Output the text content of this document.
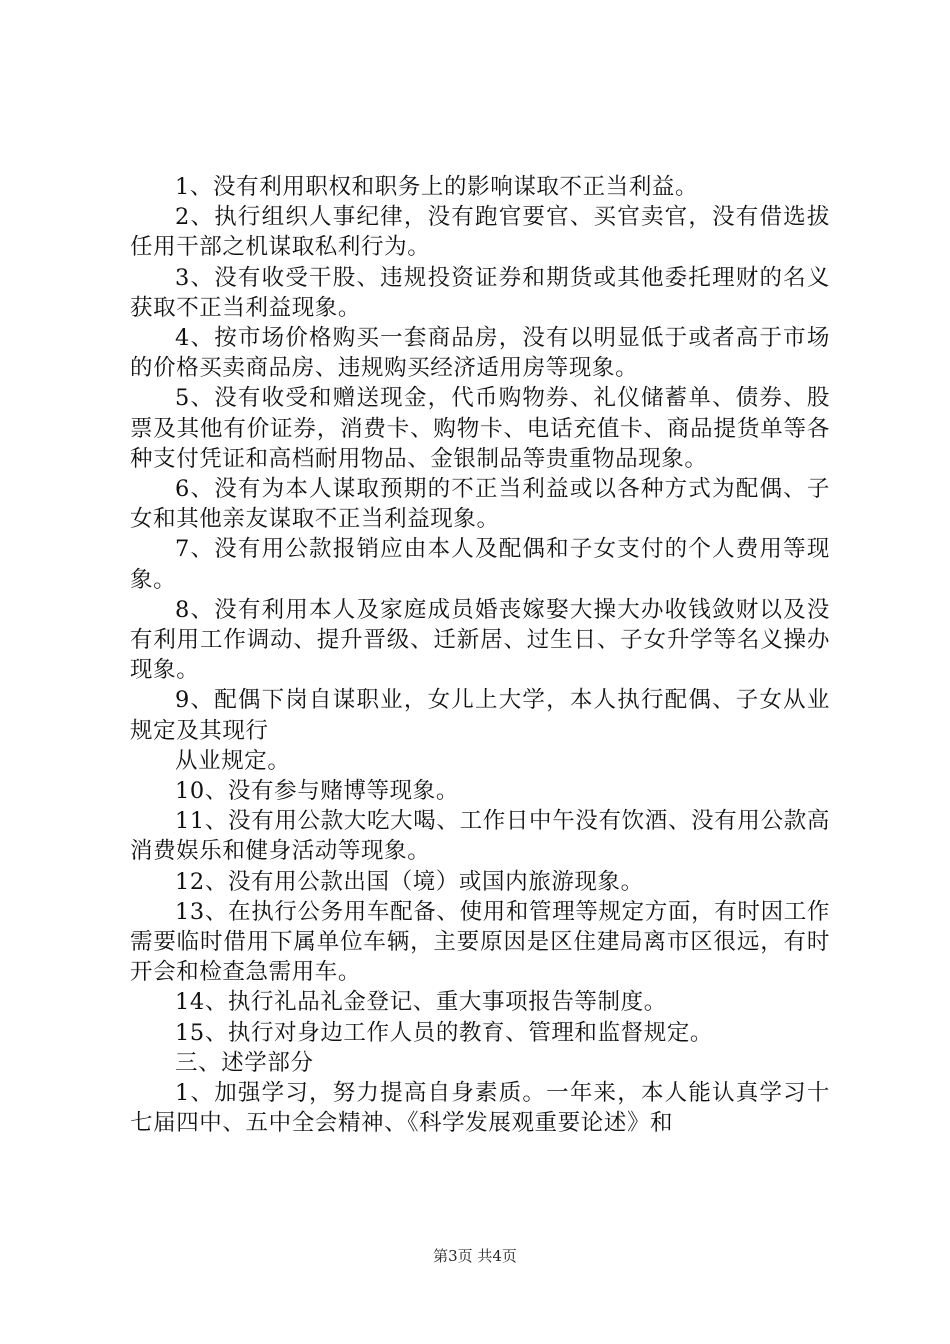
1、没有利用职权和职务上的影响谋取不正当利益。

2、执行组织人事纪律，没有跑官要官、买官卖官，没有借选拔任用干部之机谋取私利行为。

3、没有收受干股、违规投资证券和期货或其他委托理财的名义获取不正当利益现象。

4、按市场价格购买一套商品房，没有以明显低于或者高于市场的价格买卖商品房、违规购买经济适用房等现象。

5、没有收受和赠送现金，代币购物券、礼仪储蓄单、债券、股票及其他有价证券，消费卡、购物卡、电话充值卡、商品提货单等各种支付凭证和高档耐用物品、金银制品等贵重物品现象。

6、没有为本人谋取预期的不正当利益或以各种方式为配偶、子女和其他亲友谋取不正当利益现象。

7、没有用公款报销应由本人及配偶和子女支付的个人费用等现象。

8、没有利用本人及家庭成员婚丧嫁娶大操大办收钱敛财以及没有利用工作调动、提升晋级、迁新居、过生日、子女升学等名义操办现象。

9、配偶下岗自谋职业，女儿上大学，本人执行配偶、子女从业规定及其现行

从业规定。

10、没有参与赌博等现象。

11、没有用公款大吃大喝、工作日中午没有饮酒、没有用公款高消费娱乐和健身活动等现象。

12、没有用公款出国（境）或国内旅游现象。

13、在执行公务用车配备、使用和管理等规定方面，有时因工作需要临时借用下属单位车辆，主要原因是区住建局离市区很远，有时开会和检查急需用车。

14、执行礼品礼金登记、重大事项报告等制度。

15、执行对身边工作人员的教育、管理和监督规定。

三、述学部分

1、加强学习，努力提高自身素质。一年来，本人能认真学习十七届四中、五中全会精神、《科学发展观重要论述》和

第3页 共4页
